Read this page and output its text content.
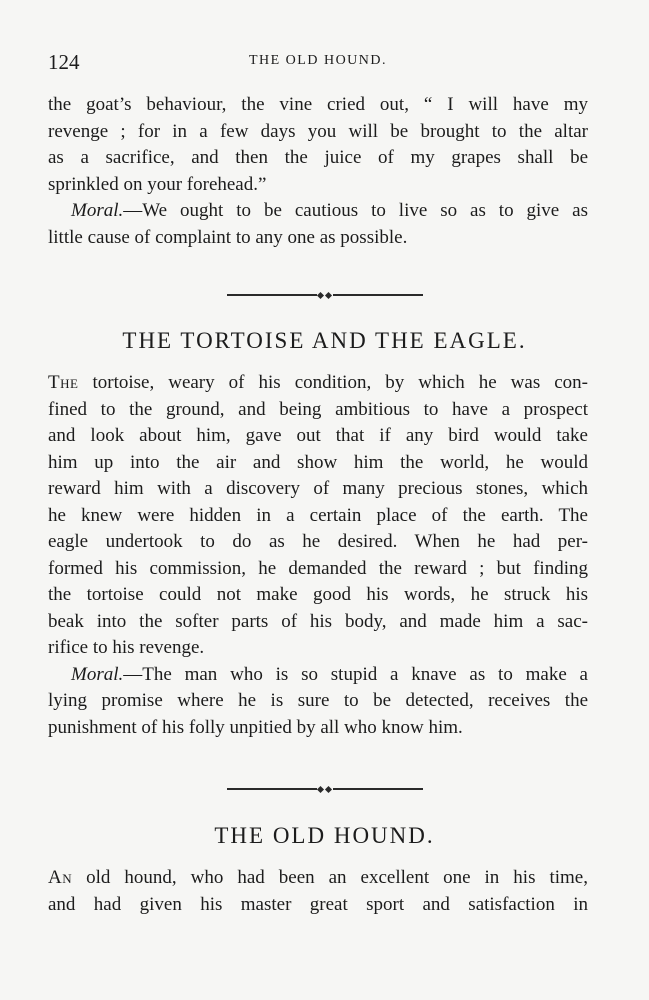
124	THE OLD HOUND.
the goat’s behaviour, the vine cried out, “ I will have my
revenge ; for in a few days you will be brought to the altar
as a sacrifice, and then the juice of my grapes shall be
sprinkled on your forehead.”
Moral.—We ought to be cautious to live so as to give as
little cause of complaint to any one as possible.
THE TORTOISE AND THE EAGLE.
The tortoise, weary of his condition, by which he was con-
fined to the ground, and being ambitious to have a prospect
and look about him, gave out that if any bird would take
him up into the air and show him the world, he would
reward him with a discovery of many precious stones, which
he knew were hidden in a certain place of the earth. The
eagle undertook to do as he desired. When he had per-
formed his commission, he demanded the reward ; but finding
the tortoise could not make good his words, he struck his
beak into the softer parts of his body, and made him a sac-
rifice to his revenge.
Moral.—The man who is so stupid a knave as to make a
lying promise where he is sure to be detected, receives the
punishment of his folly unpitied by all who know him.
THE OLD HOUND.
An old hound, who had been an excellent one in his time,
and had given his master great sport and satisfaction in
